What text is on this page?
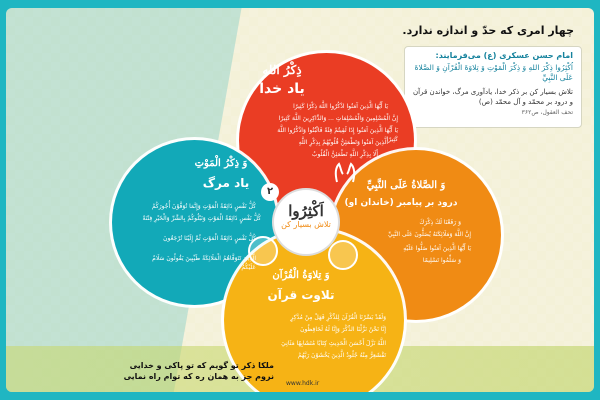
چهار امری که حدّ و اندازه ندارد.
امام حسن عسکری (ع) می‌فرمایند:
اُكْثِرُوا ذِكْرَ اللهِ وَ ذِكْرَ الْمَوْتِ وَ تِلاوَةَ الْقُرْآنِ وَ الصَّلاةَ عَلَى النَّبِيِّ
تلاش بسیار کن بر ذکر خدا، یادآوری مرگ، خواندن قرآن و درود بر محمّد و آل محمّد (ص)
تحف العقول، ص۳۶۲
ذِكْرُ الله
یاد خدا
يَا أَيُّهَا الَّذِينَ آمَنُوا اذْكُرُوا اللَّهَ ذِكْرًا كَثِيرًا
إِنَّ الْمُسْلِمِينَ وَالْمُسْلِمَاتِ ... وَالذَّاكِرِينَ اللَّهَ كَثِيرًا
يَا أَيُّهَا الَّذِينَ آمَنُوا إِذَا لَقِيتُمْ فِئَةً فَاثْبُتُوا وَاذْكُرُوا اللَّهَ كَثِيرًا
الَّذِينَ آمَنُوا وَتَطْمَئِنُّ قُلُوبُهُمْ بِذِكْرِ اللَّهِ
أَلَا بِذِكْرِ اللَّهِ تَطْمَئِنُّ الْقُلُوبُ
۲
وَ ذِكْرُ الْمَوْتِ
یاد مرگ
كُلُّ نَفْسٍ ذَائِقَةُ الْمَوْتِ وَإِنَّمَا تُوَفَّوْنَ أُجُورَكُمْ
كُلُّ نَفْسٍ ذَائِقَةُ الْمَوْتِ وَنَبْلُوكُمْ بِالشَّرِّ وَالْخَيْرِ فِتْنَةً
كُلُّ نَفْسٍ ذَائِقَةُ الْمَوْتِ ثُمَّ إِلَيْنَا تُرْجَعُونَ
الَّذِينَ تَتَوَفَّاهُمُ الْمَلَائِكَةُ طَيِّبِينَ يَقُولُونَ سَلَامٌ عَلَيْكُمُ
وَ تِلاوَةُ الْقُرْآن
تلاوت قرآن
وَلَقَدْ يَسَّرْنَا الْقُرْآنَ لِلذِّكْرِ فَهَلْ مِنْ مُدَّكِرٍ
إِنَّا نَحْنُ نَزَّلْنَا الذِّكْرَ وَإِنَّا لَهُ لَحَافِظُونَ
اللَّهُ نَزَّلَ أَحْسَنَ الْحَدِيثِ كِتَابًا مُتَشَابِهًا مَثَانِيَ
تَقْشَعِرُّ مِنْهُ جُلُودُ الَّذِينَ يَخْشَوْنَ رَبَّهُمْ
وَ الصَّلاةُ عَلَى النَّبِيِّ
درود بر پیامبر (خاندان او)
وَ رَفَعْنَا لَكَ ذِكْرَكَ
إِنَّ اللَّهَ وَمَلَائِكَتَهُ يُصَلُّونَ عَلَى النَّبِيِّ
يَا أَيُّهَا الَّذِينَ آمَنُوا صَلُّوا عَلَيْهِ
وَ سَلِّمُوا تَسْلِيمًا
اَكْثِرُوا
تلاش بسیار کن
ملکا ذکر تو گویم که تو پاکی و خدایی
نروم جز به همان ره که توام راه نمایی
www.hdk.ir
